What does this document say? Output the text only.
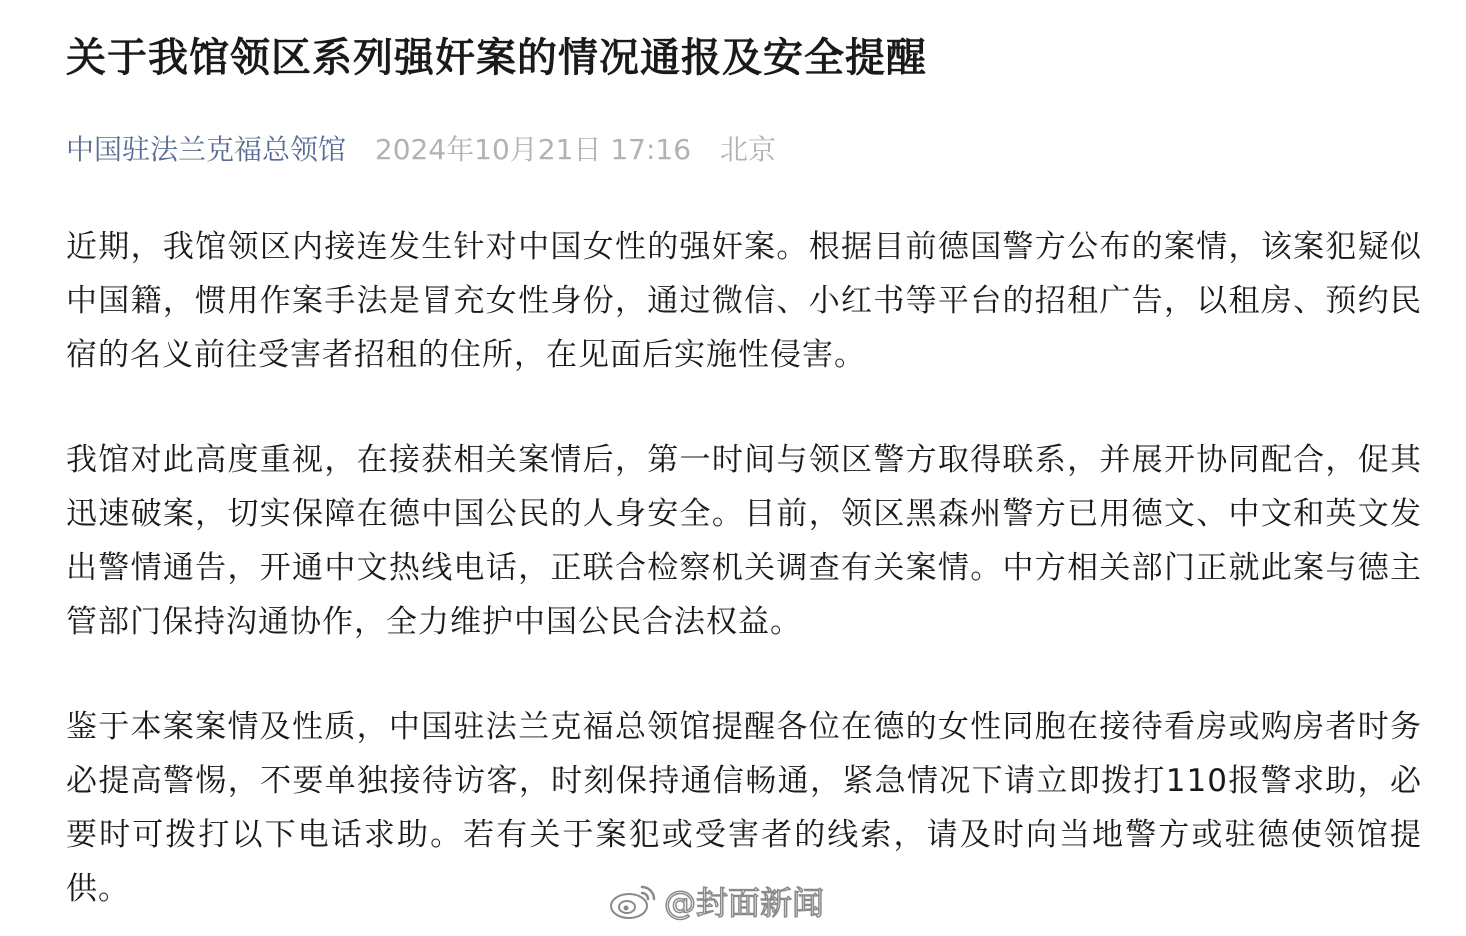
关于我馆领区系列强奸案的情况通报及安全提醒
中国驻法兰克福总领馆 2024年10月21日 17:16 北京

近期，我馆领区内接连发生针对中国女性的强奸案。根据目前德国警方公布的案情，该案犯疑似中国籍，惯用作案手法是冒充女性身份，通过微信、小红书等平台的招租广告，以租房、预约民宿的名义前往受害者招租的住所，在见面后实施性侵害。

我馆对此高度重视，在接获相关案情后，第一时间与领区警方取得联系，并展开协同配合，促其迅速破案，切实保障在德中国公民的人身安全。目前，领区黑森州警方已用德文、中文和英文发出警情通告，开通中文热线电话，正联合检察机关调查有关案情。中方相关部门正就此案与德主管部门保持沟通协作，全力维护中国公民合法权益。

鉴于本案案情及性质，中国驻法兰克福总领馆提醒各位在德的女性同胞在接待看房或购房者时务必提高警惕，不要单独接待访客，时刻保持通信畅通，紧急情况下请立即拨打110报警求助，必要时可拨打以下电话求助。若有关于案犯或受害者的线索，请及时向当地警方或驻德使领馆提供。	@封面新闻
